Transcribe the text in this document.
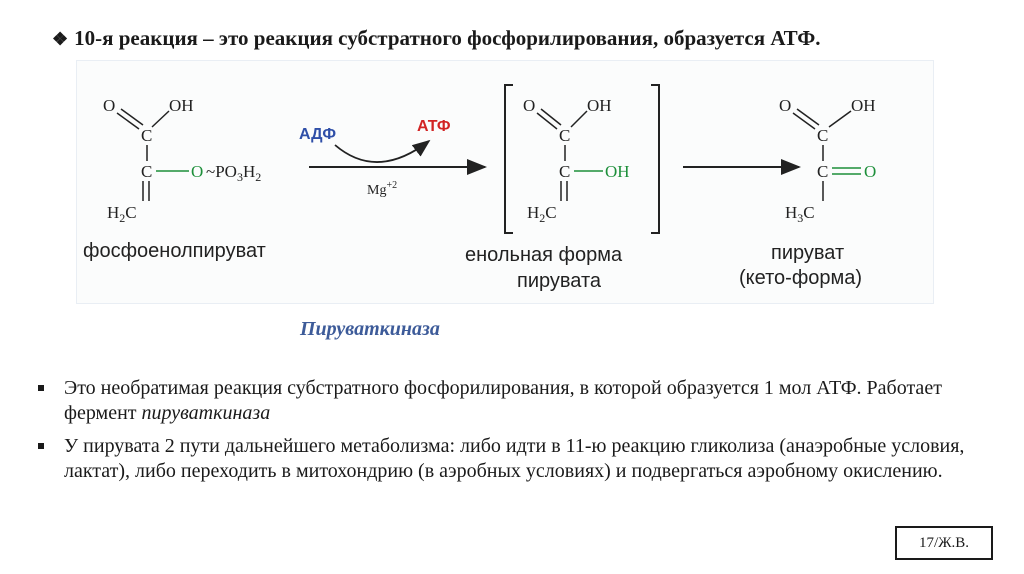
❖ 10-я реакция – это реакция субстратного фосфорилирования, образуется АТФ.
O	OH
C
C O $\sim PO_3H_2$
$H_2C$
фосфоенолпируват
АДФ	АТФ
$Mg^{+2}$
O	OH
C
C OH
$H_2C$
енольная форма
пирувата
O	OH
C
C O
$H_3C$
пируват
(кето-форма)
Пируваткиназа
Это необратимая реакция субстратного фосфорилирования, в которой образуется 1 мол АТФ. Работает фермент пируваткиназа
У пирувата 2 пути дальнейшего метаболизма: либо идти в 11-ю реакцию гликолиза (анаэробные условия, лактат), либо переходить в митохондрию (в аэробных условиях) и подвергаться аэробному окислению.
17/Ж.В.
